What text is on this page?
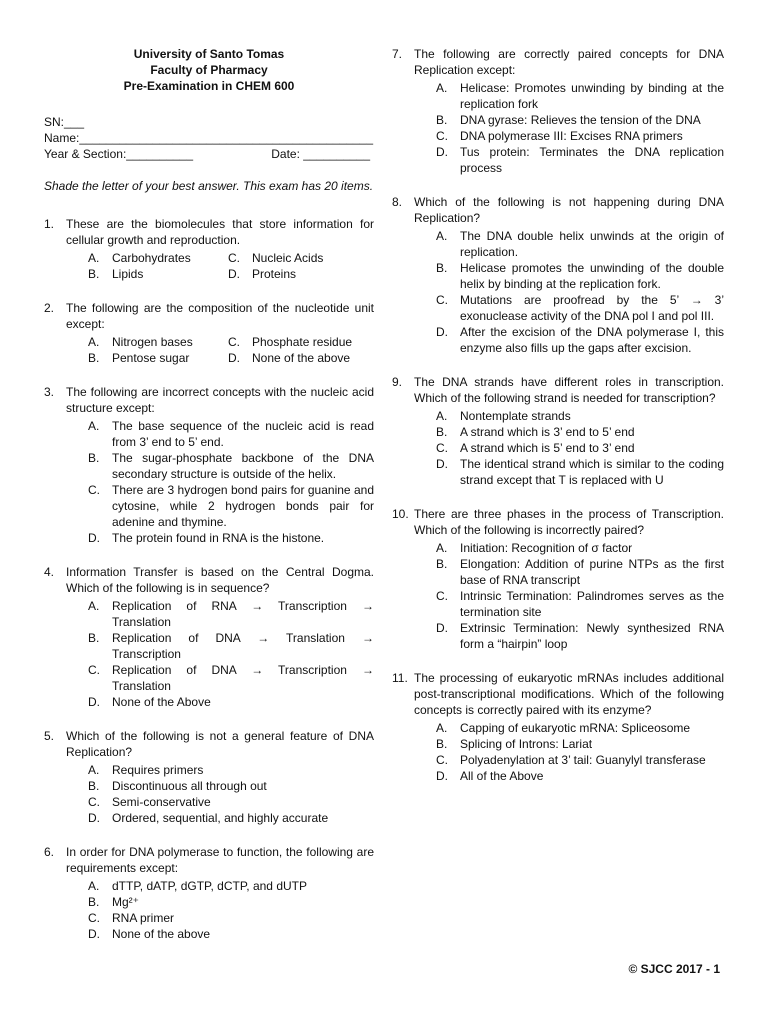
University of Santo Tomas
Faculty of Pharmacy
Pre-Examination in CHEM 600
SN:___ Name:____________________________________________
Year & Section:__________	Date: __________
Shade the letter of your best answer. This exam has 20 items.
1. These are the biomolecules that store information for cellular growth and reproduction.
A.	Carbohydrates	C.	Nucleic Acids
B.	Lipids	D.	Proteins
2. The following are the composition of the nucleotide unit except:
A.	Nitrogen bases	C.	Phosphate residue
B.	Pentose sugar	D.	None of the above
3. The following are incorrect concepts with the nucleic acid structure except:
A.	The base sequence of the nucleic acid is read from 3’ end to 5’ end.
B.	The sugar-phosphate backbone of the DNA secondary structure is outside of the helix.
C.	There are 3 hydrogen bond pairs for guanine and cytosine, while 2 hydrogen bonds pair for adenine and thymine.
D.	The protein found in RNA is the histone.
4. Information Transfer is based on the Central Dogma. Which of the following is in sequence?
A.	Replication of RNA → Transcription → Translation
B.	Replication of DNA → Translation → Transcription
C.	Replication of DNA → Transcription → Translation
D.	None of the Above
5. Which of the following is not a general feature of DNA Replication?
A.	Requires primers
B.	Discontinuous all through out
C.	Semi-conservative
D.	Ordered, sequential, and highly accurate
6. In order for DNA polymerase to function, the following are requirements except:
A.	dTTP, dATP, dGTP, dCTP, and dUTP
B.	Mg²⁺
C.	RNA primer
D.	None of the above
7. The following are correctly paired concepts for DNA Replication except:
A.	Helicase: Promotes unwinding by binding at the replication fork
B.	DNA gyrase: Relieves the tension of the DNA
C.	DNA polymerase III: Excises RNA primers
D.	Tus protein: Terminates the DNA replication process
8. Which of the following is not happening during DNA Replication?
A.	The DNA double helix unwinds at the origin of replication.
B.	Helicase promotes the unwinding of the double helix by binding at the replication fork.
C.	Mutations are proofread by the 5’ → 3’ exonuclease activity of the DNA pol I and pol III.
D.	After the excision of the DNA polymerase I, this enzyme also fills up the gaps after excision.
9. The DNA strands have different roles in transcription. Which of the following strand is needed for transcription?
A.	Nontemplate strands
B.	A strand which is 3’ end to 5’ end
C.	A strand which is 5’ end to 3’ end
D.	The identical strand which is similar to the coding strand except that T is replaced with U
10. There are three phases in the process of Transcription. Which of the following is incorrectly paired?
A.	Initiation: Recognition of σ factor
B.	Elongation: Addition of purine NTPs as the first base of RNA transcript
C.	Intrinsic Termination: Palindromes serves as the termination site
D.	Extrinsic Termination: Newly synthesized RNA form a “hairpin” loop
11. The processing of eukaryotic mRNAs includes additional post-transcriptional modifications. Which of the following concepts is correctly paired with its enzyme?
A.	Capping of eukaryotic mRNA: Spliceosome
B.	Splicing of Introns: Lariat
C.	Polyadenylation at 3’ tail: Guanylyl transferase
D.	All of the Above
© SJCC 2017 - 1
